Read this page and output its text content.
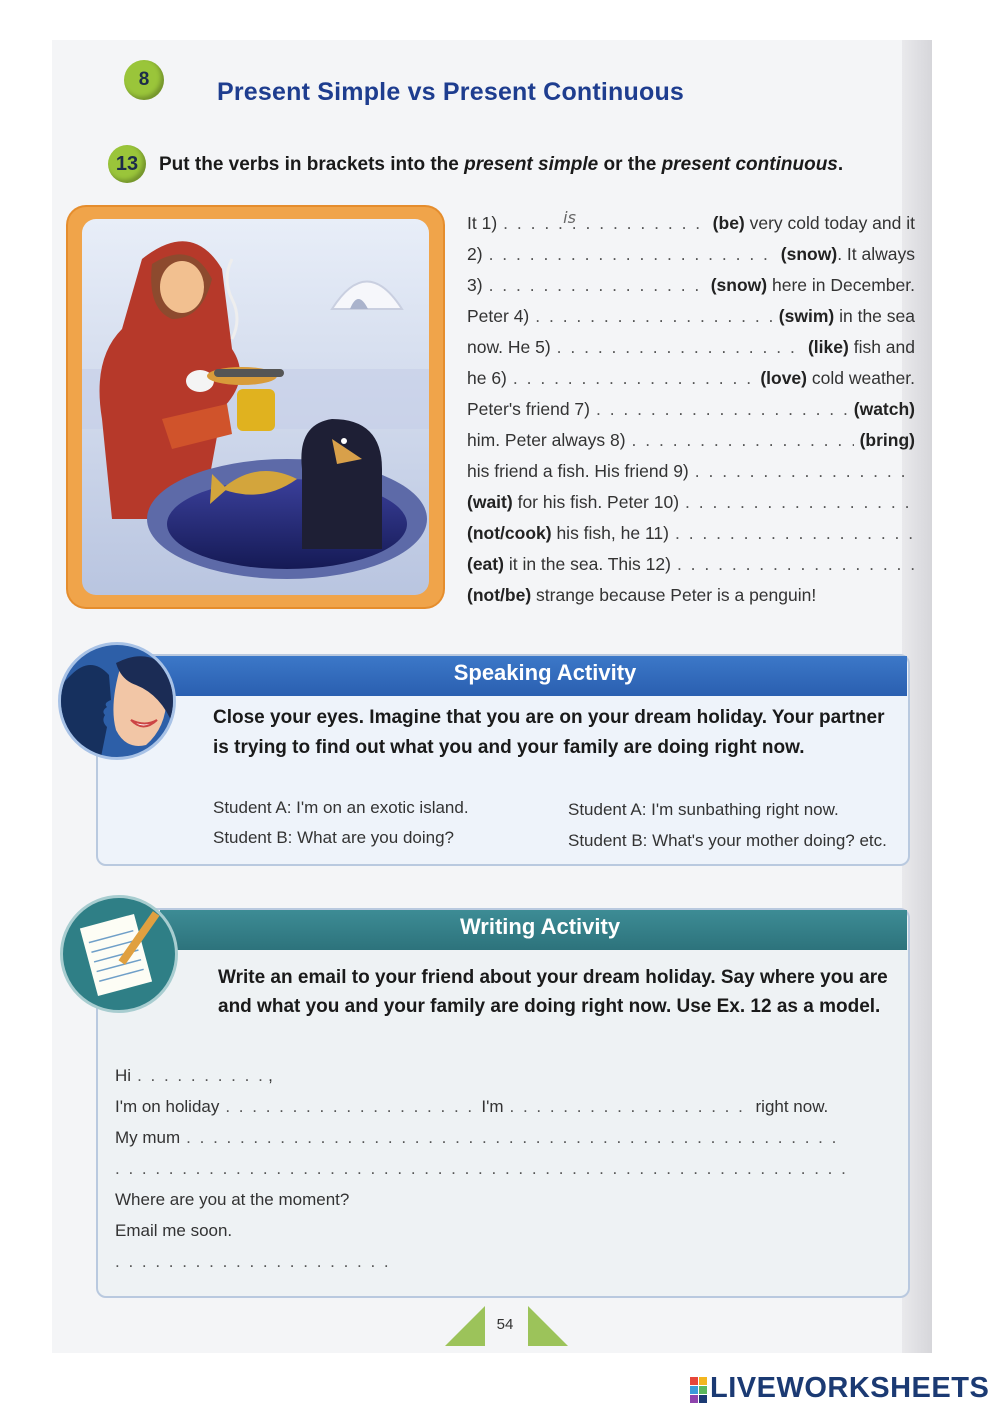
8	Present Simple vs Present Continuous
13	Put the verbs in brackets into the present simple or the present continuous.
It 1)	. . . is	(be)
very cold today and it
2) . . .	(snow) . It always
3) . . .	(snow)
here in December.
Peter 4) . . .	(swim)
in the sea
now. He 5) . . .	(like)
fish and
he 6) . . .	(love)
cold weather.
Peter's friend 7) . . .	(watch)
him. Peter always 8) . . .	(bring)
his friend a fish. His friend 9)
. . .
(wait)
for his fish. Peter 10)
. . .
(not/cook)
his fish, he 11)
. . .
(eat)
it in the sea. This 12)
. . .
(not/be)
strange because Peter is a penguin!
Speaking Activity
Close your eyes. Imagine that you are on your dream holiday. Your partner is trying to find out what you and your family are doing right now.
Student A: I'm on an exotic island.
Student B: What are you doing?
Student A: I'm sunbathing right now.
Student B: What's your mother doing? etc.
Writing Activity
Write an email to your friend about your dream holiday. Say where you are and what you and your family are doing right now. Use Ex. 12 as a model.
Hi . . .	,
I'm on holiday . . .	I'm . . .	right now.
My mum
. . .
. . .
Where are you at the moment?
Email me soon.
. . .
54
LIVEWORKSHEETS
